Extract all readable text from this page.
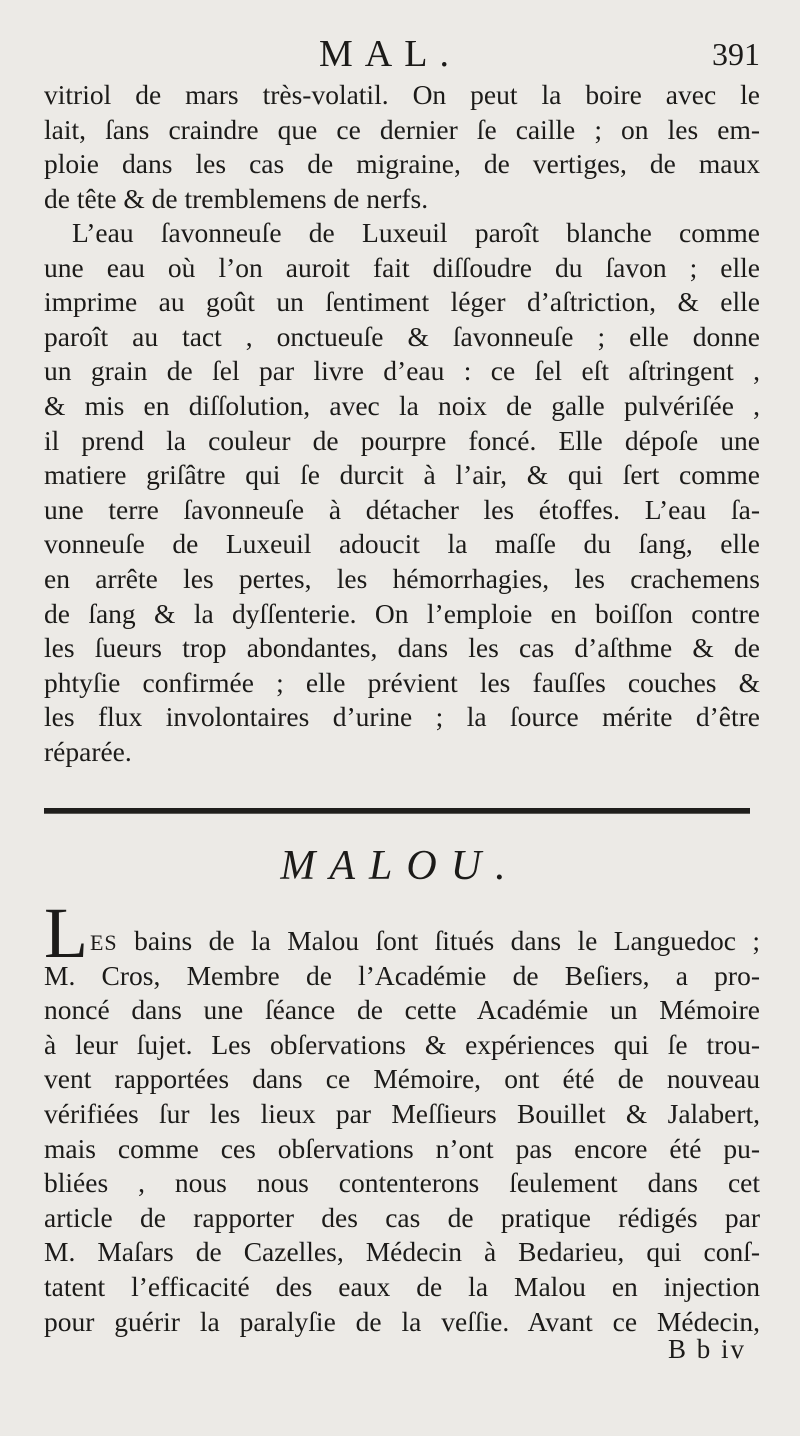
MAL.	391
vitriol de mars très-volatil. On peut la boire avec le
lait, ſans craindre que ce dernier ſe caille ; on les em-
ploie dans les cas de migraine, de vertiges, de maux
de tête & de tremblemens de nerfs.
L’eau ſavonneuſe de Luxeuil paroît blanche comme
une eau où l’on auroit fait diſſoudre du ſavon ; elle
imprime au goût un ſentiment léger d’aſtriction, & elle
paroît au tact , onctueuſe & ſavonneuſe ; elle donne
un grain de ſel par livre d’eau : ce ſel eſt aſtringent ,
& mis en diſſolution, avec la noix de galle pulvériſée ,
il prend la couleur de pourpre foncé. Elle dépoſe une
matiere griſâtre qui ſe durcit à l’air, & qui ſert comme
une terre ſavonneuſe à détacher les étoffes. L’eau ſa-
vonneuſe de Luxeuil adoucit la maſſe du ſang, elle
en arrête les pertes, les hémorrhagies, les crachemens
de ſang & la dyſſenterie. On l’emploie en boiſſon contre
les ſueurs trop abondantes, dans les cas d’aſthme & de
phtyſie confirmée ; elle prévient les fauſſes couches &
les flux involontaires d’urine ; la ſource mérite d’être
réparée.
MALOU.
LES bains de la Malou ſont ſitués dans le Languedoc ;
M. Cros, Membre de l’Académie de Beſiers, a pro-
noncé dans une ſéance de cette Académie un Mémoire
à leur ſujet. Les obſervations & expériences qui ſe trou-
vent rapportées dans ce Mémoire, ont été de nouveau
vérifiées ſur les lieux par Meſſieurs Bouillet & Jalabert,
mais comme ces obſervations n’ont pas encore été pu-
bliées , nous nous contenterons ſeulement dans cet
article de rapporter des cas de pratique rédigés par
M. Maſars de Cazelles, Médecin à Bedarieu, qui conſ-
tatent l’efficacité des eaux de la Malou en injection
pour guérir la paralyſie de la veſſie. Avant ce Médecin,
B b iv
